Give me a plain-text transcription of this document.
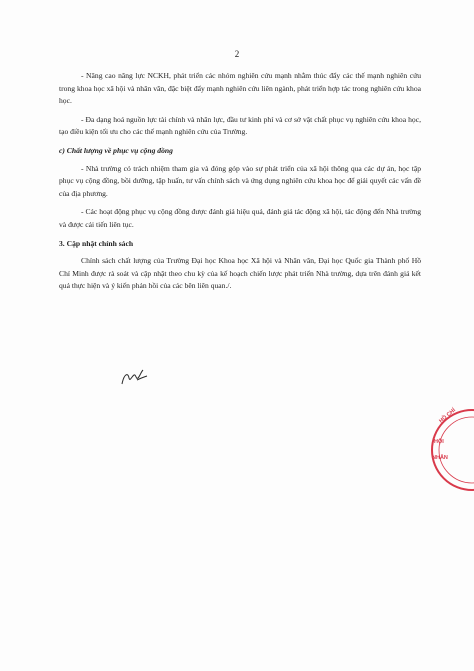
2

- Nâng cao năng lực NCKH, phát triển các nhóm nghiên cứu mạnh nhằm thúc đẩy các thế mạnh nghiên cứu trong khoa học xã hội và nhân văn, đặc biệt đẩy mạnh nghiên cứu liên ngành, phát triển hợp tác trong nghiên cứu khoa học.

- Đa dạng hoá nguồn lực tài chính và nhân lực, đầu tư kinh phí và cơ sở vật chất phục vụ nghiên cứu khoa học, tạo điều kiện tối ưu cho các thế mạnh nghiên cứu của Trường.

c) Chất lượng về phục vụ cộng đồng

- Nhà trường có trách nhiệm tham gia và đóng góp vào sự phát triển của xã hội thông qua các dự án, học tập phục vụ cộng đồng, bồi dưỡng, tập huấn, tư vấn chính sách và ứng dụng nghiên cứu khoa học để giải quyết các vấn đề của địa phương.

- Các hoạt động phục vụ cộng đồng được đánh giá hiệu quả, đánh giá tác động xã hội, tác động đến Nhà trường và được cải tiến liên tục.

3. Cập nhật chính sách

Chính sách chất lượng của Trường Đại học Khoa học Xã hội và Nhân văn, Đại học Quốc gia Thành phố Hồ Chí Minh được rà soát và cập nhật theo chu kỳ của kế hoạch chiến lược phát triển Nhà trường, dựa trên đánh giá kết quả thực hiện và ý kiến phản hồi của các bên liên quan./.

HỘI
NHÂN
HỒ CHÍ
